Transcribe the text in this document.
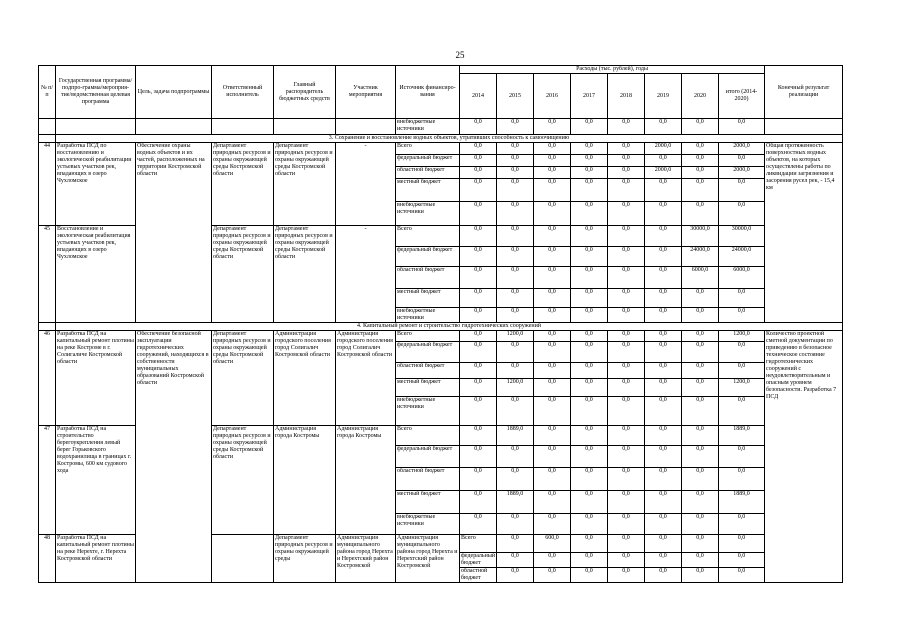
25
№ п/п	Государственная программа/подпро-грамма/мероприя-тие/ведомственная целевая программа	Цель, задача подпрограммы	Ответственный исполнитель	Главный распорядитель бюджетных средств	Участник мероприятия	Источник финансиро-вания	Расходы (тыс. рублей), годы								Конечный результат реализации	
							2014	2015	2016	2017	2018	2019	2020	итого (2014-2020)		
						внебюджетные источники	0,0	0,0	0,0	0,0	0,0	0,0	0,0	0,0		
	3. Сохранение и восстановление водных объектов, утративших способность к самоочищению															
44	Разработка ПСД по восстановлению и экологической реабилитации устьевых участков рек, впадающих в озеро Чухломское	Обеспечение охраны водных объектов и их частей, расположенных на территории Костромской области	Департамент природных ресурсов и охраны окружающей среды Костромской области	Департамент природных ресурсов и охраны окружающей среды Костромской области	-	Всего	0,0	0,0	0,0	0,0	0,0	2000,0	0,0	2000,0	Общая протяженность поверхностных водных объектов, на которых осуществлены работы по ликвидации загрязнения и засорения русел рек, - 15,4 км	
						федеральный бюджет	0,0	0,0	0,0	0,0	0,0	0,0	0,0	0,0		
						областной бюджет	0,0	0,0	0,0	0,0	0,0	2000,0	0,0	2000,0		
						местный бюджет	0,0	0,0	0,0	0,0	0,0	0,0	0,0	0,0		
						внебюджетные источники	0,0	0,0	0,0	0,0	0,0	0,0	0,0	0,0		
45	Восстановление и экологическая реабилитация устьевых участков рек, впадающих в озеро Чухломское		Департамент природных ресурсов и охраны окружающей среды Костромской области	Департамент природных ресурсов и охраны окружающей среды Костромской области	-	Всего	0,0	0,0	0,0	0,0	0,0	0,0	30000,0	30000,0		
						федеральный бюджет	0,0	0,0	0,0	0,0	0,0	0,0	24000,0	24000,0		
						областной бюджет	0,0	0,0	0,0	0,0	0,0	0,0	6000,0	6000,0		
						местный бюджет	0,0	0,0	0,0	0,0	0,0	0,0	0,0	0,0		
						внебюджетные источники	0,0	0,0	0,0	0,0	0,0	0,0	0,0	0,0		
	4. Капитальный ремонт и строительство гидротехнических сооружений															
46	Разработка ПСД на капитальный ремонт плотины на реке Костроме в г. Солигаличе Костромской области	Обеспечение безопасной эксплуатации гидротехнических сооружений, находящихся в собственности муниципальных образований Костромской области	Департамент природных ресурсов и охраны окружающей среды Костромской области	Администрация городского поселения город Солигалич Костромской области	Администрация городского поселения город Солигалич Костромской области	Всего	0,0	1200,0	0,0	0,0	0,0	0,0	0,0	1200,0	Количество проектной сметной документации по приведению в безопасное техническое состояние гидротехнических сооружений с неудовлетворительным и опасным уровнем безопасности. Разработка 7 ПСД	
						федеральный бюджет	0,0	0,0	0,0	0,0	0,0	0,0	0,0	0,0		
						областной бюджет	0,0	0,0	0,0	0,0	0,0	0,0	0,0	0,0		
						местный бюджет	0,0	1200,0	0,0	0,0	0,0	0,0	0,0	1200,0		
						внебюджетные источники	0,0	0,0	0,0	0,0	0,0	0,0	0,0	0,0		
47	Разработка ПСД на строительство берегоукрепления левый берег Горьковского водохранилища в границах г. Костромы, 600 км судового хода		Департамент природных ресурсов и охраны окружающей среды Костромской области	Администрация города Костромы	Администрация города Костромы	Всего	0,0	1889,0	0,0	0,0	0,0	0,0	0,0	1889,0		
						федеральный бюджет	0,0	0,0	0,0	0,0	0,0	0,0	0,0	0,0		
						областной бюджет	0,0	0,0	0,0	0,0	0,0	0,0	0,0	0,0		
						местный бюджет	0,0	1889,0	0,0	0,0	0,0	0,0	0,0	1889,0		
						внебюджетные источники	0,0	0,0	0,0	0,0	0,0	0,0	0,0	0,0		
48	Разработка ПСД на капитальный ремонт плотины на реке Нерехте, г. Нерехта Костромской области			Департамент природных ресурсов и охраны окружающей среды	Администрация муниципального района город Нерехта и Нерехтский район Костромской	Администрация муниципального района город Нерехта и Нерехтский район Костромской	Всего	0,0	600,0	0,0	0,0	0,0	0,0	0,0		
							федеральный бюджет	0,0	0,0	0,0	0,0	0,0	0,0	0,0	
							областной бюджет	0,0	0,0	0,0	0,0	0,0	0,0	0,0	
